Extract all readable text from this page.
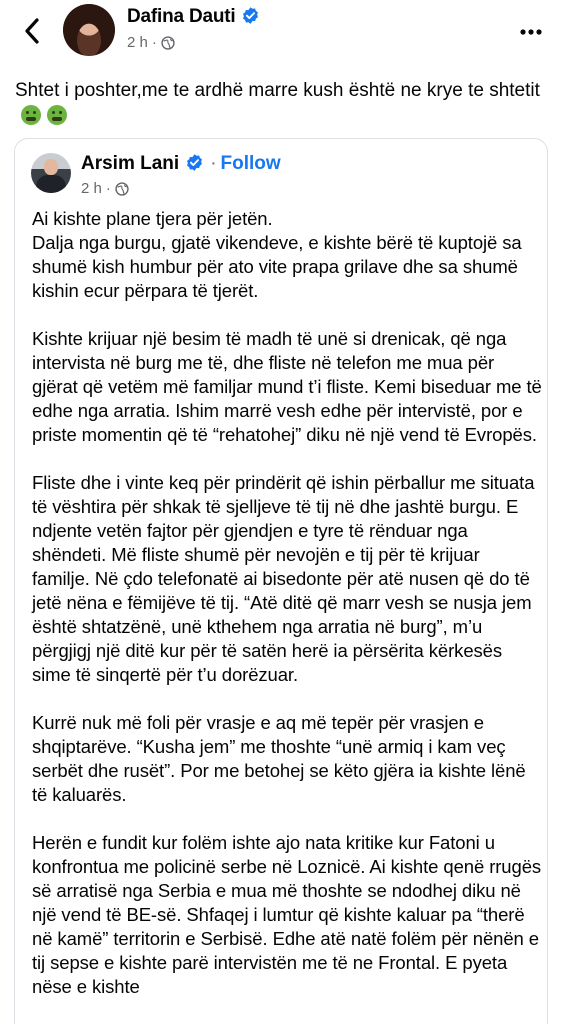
Dafina Dauti
2 h ·
Shtet i poshter,me te ardhë marre kush është ne krye te shtetit
Arsim Lani · Follow
2 h ·

Ai kishte plane tjera për jetën.
Dalja nga burgu, gjatë vikendeve, e kishte bërë të kuptojë sa shumë kish humbur për ato vite prapa grilave dhe sa shumë kishin ecur përpara të tjerët.

Kishte krijuar një besim të madh të unë si drenicak, që nga intervista në burg me të, dhe fliste në telefon me mua për gjërat që vetëm më familjar mund t’i fliste. Kemi biseduar me të edhe nga arratia. Ishim marrë vesh edhe për intervistë, por e priste momentin që të “rehatohej” diku në një vend të Evropës.

Fliste dhe i vinte keq për prindërit që ishin përballur me situata të vështira për shkak të sjelljeve të tij në dhe jashtë burgu. E ndjente vetën fajtor për gjendjen e tyre të rënduar nga shëndeti. Më fliste shumë për nevojën e tij për të krijuar familje. Në çdo telefonatë ai bisedonte për atë nusen që do të jetë nëna e fëmijëve të tij. “Atë ditë që marr vesh se nusja jem është shtatzënë, unë kthehem nga arratia në burg”, m’u përgjigj një ditë kur për të satën herë ia përsërita kërkesës sime të sinqertë për t’u dorëzuar.

Kurrë nuk më foli për vrasje e aq më tepër për vrasjen e shqiptarëve. “Kusha jem” me thoshte “unë armiq i kam veç serbët dhe rusët”. Por me betohej se këto gjëra ia kishte lënë të kaluarës.

Herën e fundit kur folëm ishte ajo nata kritike kur Fatoni u konfrontua me policinë serbe në Loznicë. Ai kishte qenë rrugës së arratisë nga Serbia e mua më thoshte se ndodhej diku në një vend të BE-së. Shfaqej i lumtur që kishte kaluar pa “therë në kamë” territorin e Serbisë. Edhe atë natë folëm për nënën e tij sepse e kishte parë intervistën me të ne Frontal. E pyeta nëse e kishte
